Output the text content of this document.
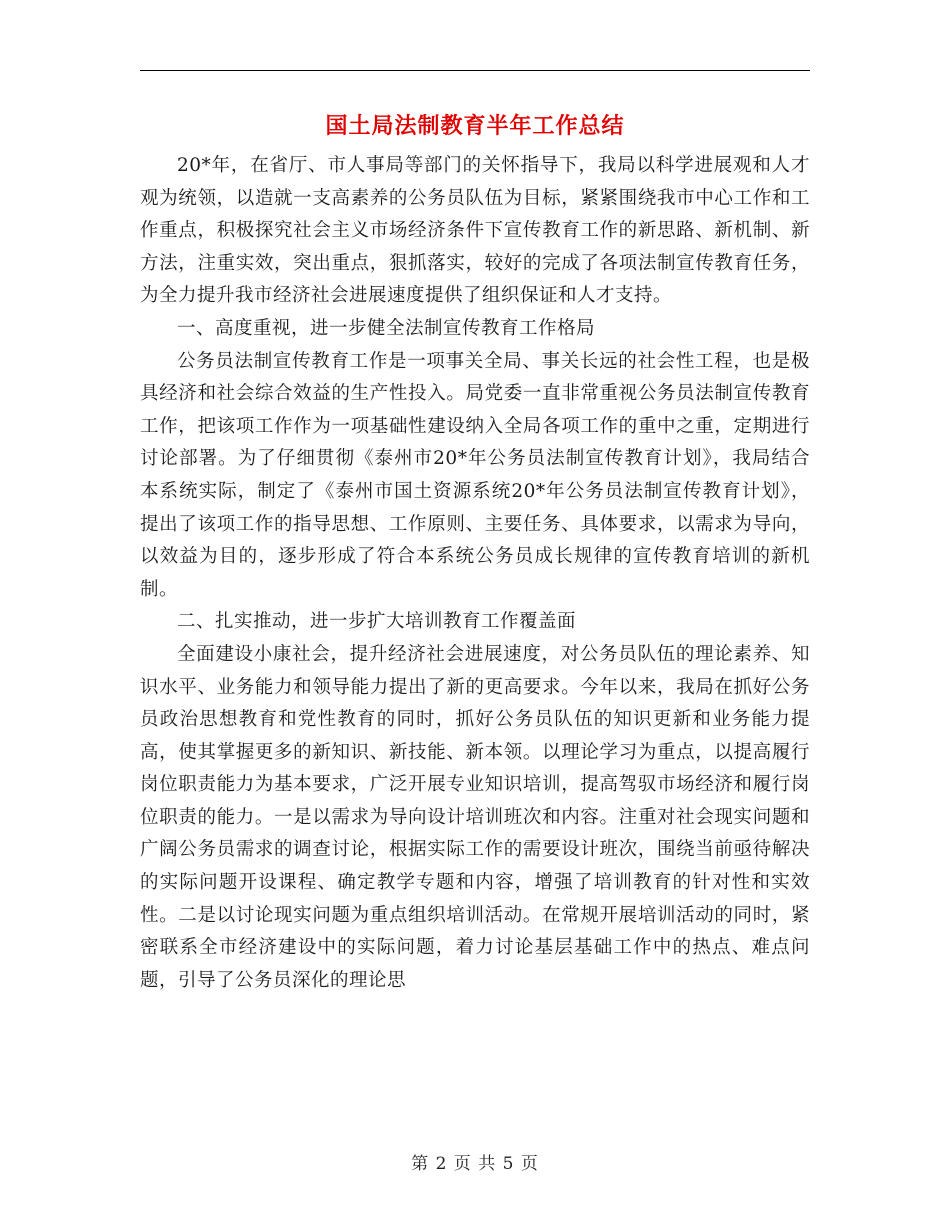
国土局法制教育半年工作总结

20*年，在省厅、市人事局等部门的关怀指导下，我局以科学进展观和人才观为统领，以造就一支高素养的公务员队伍为目标，紧紧围绕我市中心工作和工作重点，积极探究社会主义市场经济条件下宣传教育工作的新思路、新机制、新方法，注重实效，突出重点，狠抓落实，较好的完成了各项法制宣传教育任务，为全力提升我市经济社会进展速度提供了组织保证和人才支持。

一、高度重视，进一步健全法制宣传教育工作格局

公务员法制宣传教育工作是一项事关全局、事关长远的社会性工程，也是极具经济和社会综合效益的生产性投入。局党委一直非常重视公务员法制宣传教育工作，把该项工作作为一项基础性建设纳入全局各项工作的重中之重，定期进行讨论部署。为了仔细贯彻《泰州市20*年公务员法制宣传教育计划》，我局结合本系统实际，制定了《泰州市国土资源系统20*年公务员法制宣传教育计划》，提出了该项工作的指导思想、工作原则、主要任务、具体要求，以需求为导向，以效益为目的，逐步形成了符合本系统公务员成长规律的宣传教育培训的新机制。

二、扎实推动，进一步扩大培训教育工作覆盖面

全面建设小康社会，提升经济社会进展速度，对公务员队伍的理论素养、知识水平、业务能力和领导能力提出了新的更高要求。今年以来，我局在抓好公务员政治思想教育和党性教育的同时，抓好公务员队伍的知识更新和业务能力提高，使其掌握更多的新知识、新技能、新本领。以理论学习为重点，以提高履行岗位职责能力为基本要求，广泛开展专业知识培训，提高驾驭市场经济和履行岗位职责的能力。一是以需求为导向设计培训班次和内容。注重对社会现实问题和广阔公务员需求的调查讨论，根据实际工作的需要设计班次，围绕当前亟待解决的实际问题开设课程、确定教学专题和内容，增强了培训教育的针对性和实效性。二是以讨论现实问题为重点组织培训活动。在常规开展培训活动的同时，紧密联系全市经济建设中的实际问题，着力讨论基层基础工作中的热点、难点问题，引导了公务员深化的理论思

第 2 页 共 5 页
